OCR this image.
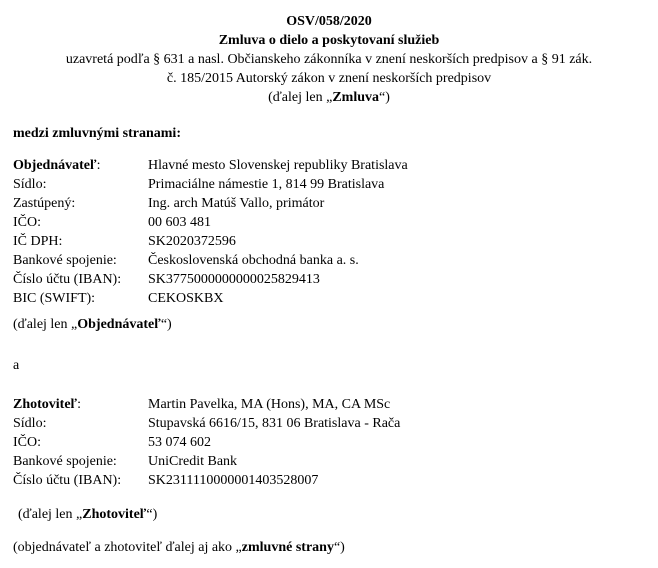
OSV/058/2020
Zmluva o dielo a poskytovaní služieb
uzavretá podľa § 631 a nasl. Občianskeho zákonníka v znení neskorších predpisov a § 91 zák.
č. 185/2015 Autorský zákon v znení neskorších predpisov
(ďalej len „Zmluva“)
medzi zmluvnými stranami:
Objednávateľ:	Hlavné mesto Slovenskej republiky Bratislava
Sídlo:	Primaciálne námestie 1, 814 99 Bratislava
Zastúpený:	Ing. arch Matúš Vallo, primátor
IČO:	00 603 481
IČ DPH:	SK2020372596
Bankové spojenie:	Československá obchodná banka a. s.
Číslo účtu (IBAN):	SK3775000000000025829413
BIC (SWIFT):	CEKOSKBX
(ďalej len „Objednávateľ“)
a
Zhotoviteľ:	Martin Pavelka, MA (Hons), MA, CA MSc
Sídlo:	Stupavská 6616/15, 831 06 Bratislava - Rača
IČO:	53 074 602
Bankové spojenie:	UniCredit Bank
Číslo účtu (IBAN):	SK2311110000001403528007
(ďalej len „Zhotoviteľ“)
(objednávateľ a zhotoviteľ ďalej aj ako „zmluvné strany“)
